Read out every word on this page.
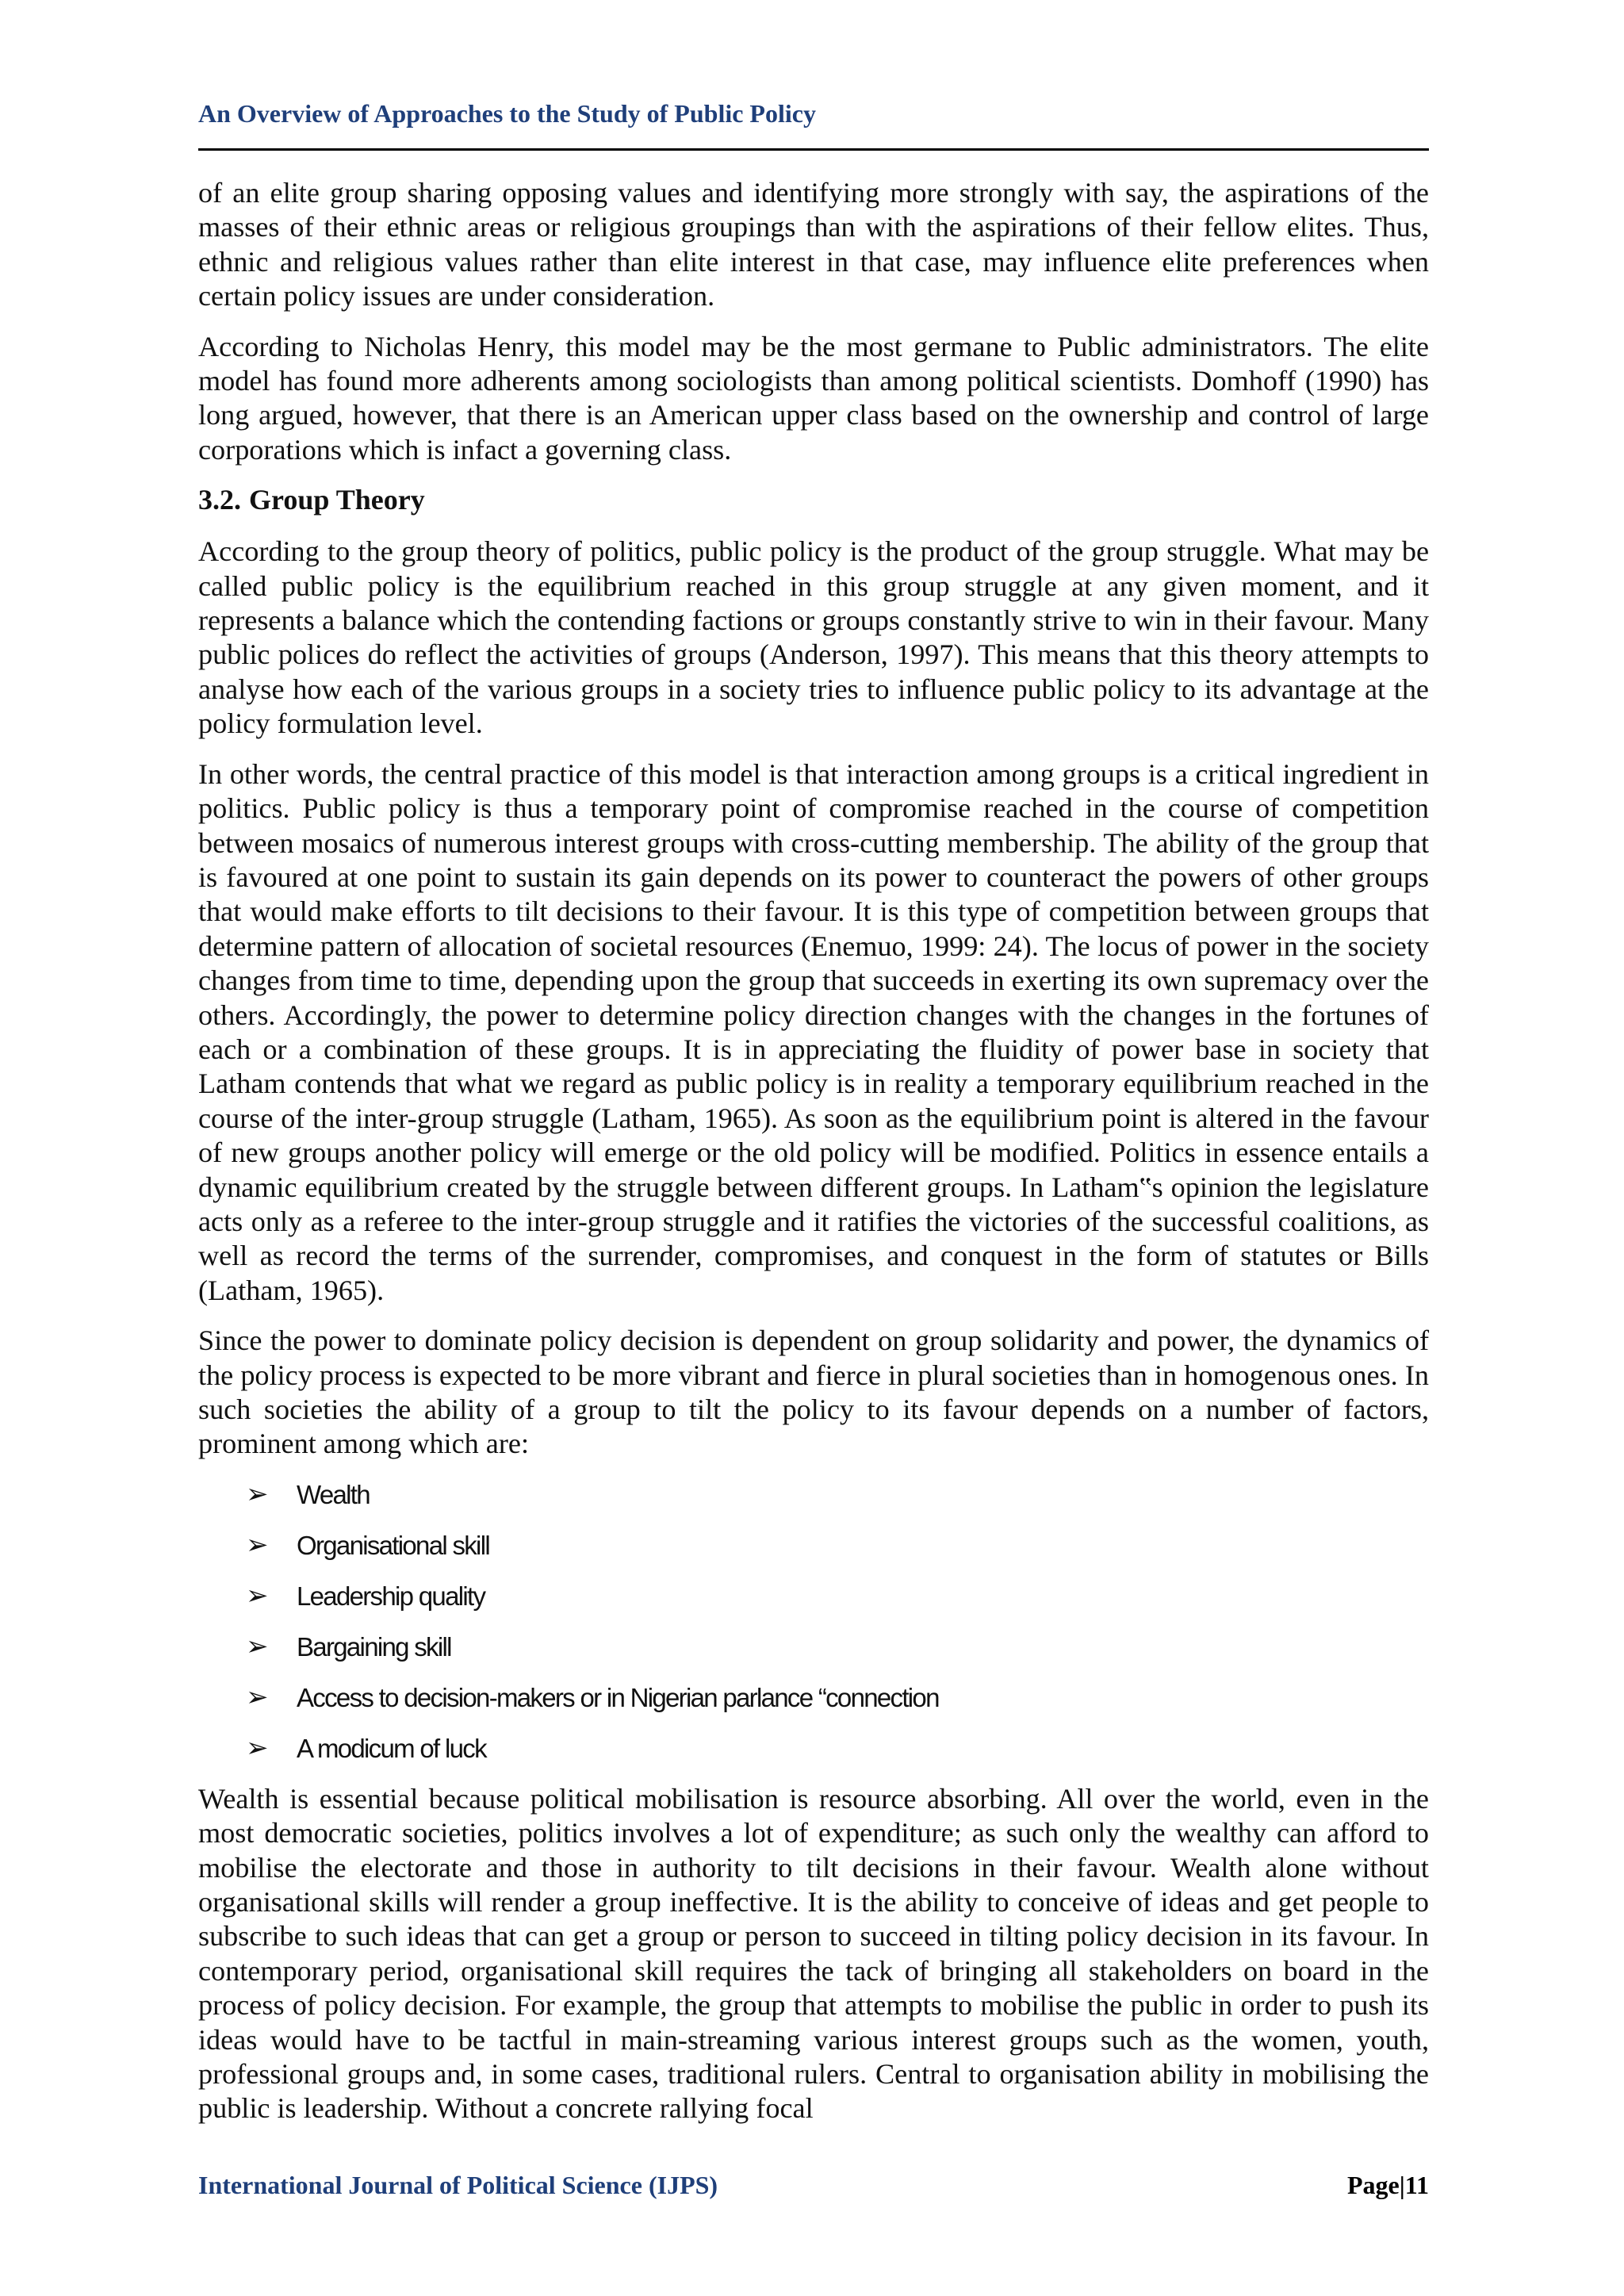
An Overview of Approaches to the Study of Public Policy

of an elite group sharing opposing values and identifying more strongly with say, the aspirations of the masses of their ethnic areas or religious groupings than with the aspirations of their fellow elites. Thus, ethnic and religious values rather than elite interest in that case, may influence elite preferences when certain policy issues are under consideration.

According to Nicholas Henry, this model may be the most germane to Public administrators. The elite model has found more adherents among sociologists than among political scientists. Domhoff (1990) has long argued, however, that there is an American upper class based on the ownership and control of large corporations which is infact a governing class.

3.2. Group Theory

According to the group theory of politics, public policy is the product of the group struggle. What may be called public policy is the equilibrium reached in this group struggle at any given moment, and it represents a balance which the contending factions or groups constantly strive to win in their favour. Many public polices do reflect the activities of groups (Anderson, 1997). This means that this theory attempts to analyse how each of the various groups in a society tries to influence public policy to its advantage at the policy formulation level.

In other words, the central practice of this model is that interaction among groups is a critical ingredient in politics. Public policy is thus a temporary point of compromise reached in the course of competition between mosaics of numerous interest groups with cross-cutting membership. The ability of the group that is favoured at one point to sustain its gain depends on its power to counteract the powers of other groups that would make efforts to tilt decisions to their favour. It is this type of competition between groups that determine pattern of allocation of societal resources (Enemuo, 1999: 24). The locus of power in the society changes from time to time, depending upon the group that succeeds in exerting its own supremacy over the others. Accordingly, the power to determine policy direction changes with the changes in the fortunes of each or a combination of these groups. It is in appreciating the fluidity of power base in society that Latham contends that what we regard as public policy is in reality a temporary equilibrium reached in the course of the inter-group struggle (Latham, 1965). As soon as the equilibrium point is altered in the favour of new groups another policy will emerge or the old policy will be modified. Politics in essence entails a dynamic equilibrium created by the struggle between different groups. In Latham‟s opinion the legislature acts only as a referee to the inter-group struggle and it ratifies the victories of the successful coalitions, as well as record the terms of the surrender, compromises, and conquest in the form of statutes or Bills (Latham, 1965).

Since the power to dominate policy decision is dependent on group solidarity and power, the dynamics of the policy process is expected to be more vibrant and fierce in plural societies than in homogenous ones. In such societies the ability of a group to tilt the policy to its favour depends on a number of factors, prominent among which are:

➢	Wealth
➢	Organisational skill
➢	Leadership quality
➢	Bargaining skill
➢	Access to decision-makers or in Nigerian parlance “connection
➢	A modicum of luck

Wealth is essential because political mobilisation is resource absorbing. All over the world, even in the most democratic societies, politics involves a lot of expenditure; as such only the wealthy can afford to mobilise the electorate and those in authority to tilt decisions in their favour. Wealth alone without organisational skills will render a group ineffective. It is the ability to conceive of ideas and get people to subscribe to such ideas that can get a group or person to succeed in tilting policy decision in its favour. In contemporary period, organisational skill requires the tack of bringing all stakeholders on board in the process of policy decision. For example, the group that attempts to mobilise the public in order to push its ideas would have to be tactful in main-streaming various interest groups such as the women, youth, professional groups and, in some cases, traditional rulers. Central to organisation ability in mobilising the public is leadership. Without a concrete rallying focal

International Journal of Political Science (IJPS)	Page|11
